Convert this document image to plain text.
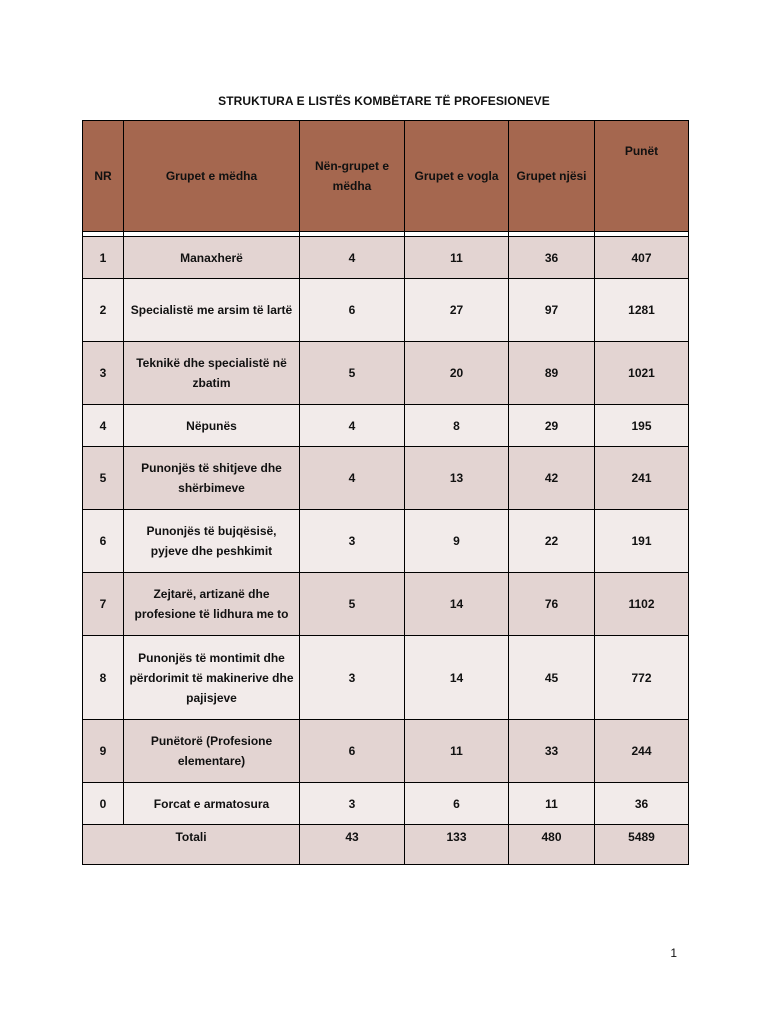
STRUKTURA E LISTËS KOMBËTARE TË PROFESIONEVE
NR	Grupet e mëdha	Nën-grupet e mëdha	Grupet e vogla	Grupet njësi	Punët

1	Manaxherë	4	11	36	407
2	Specialistë me arsim të lartë	6	27	97	1281
3	Teknikë dhe specialistë në zbatim	5	20	89	1021
4	Nëpunës	4	8	29	195
5	Punonjës të shitjeve dhe shërbimeve	4	13	42	241
6	Punonjës të bujqësisë, pyjeve dhe peshkimit	3	9	22	191
7	Zejtarë, artizanë dhe profesione të lidhura me to	5	14	76	1102
8	Punonjës të montimit dhe përdorimit të makinerive dhe pajisjeve	3	14	45	772
9	Punëtorë (Profesione elementare)	6	11	33	244
0	Forcat e armatosura	3	6	11	36
Totali		43	133	480	5489
1
